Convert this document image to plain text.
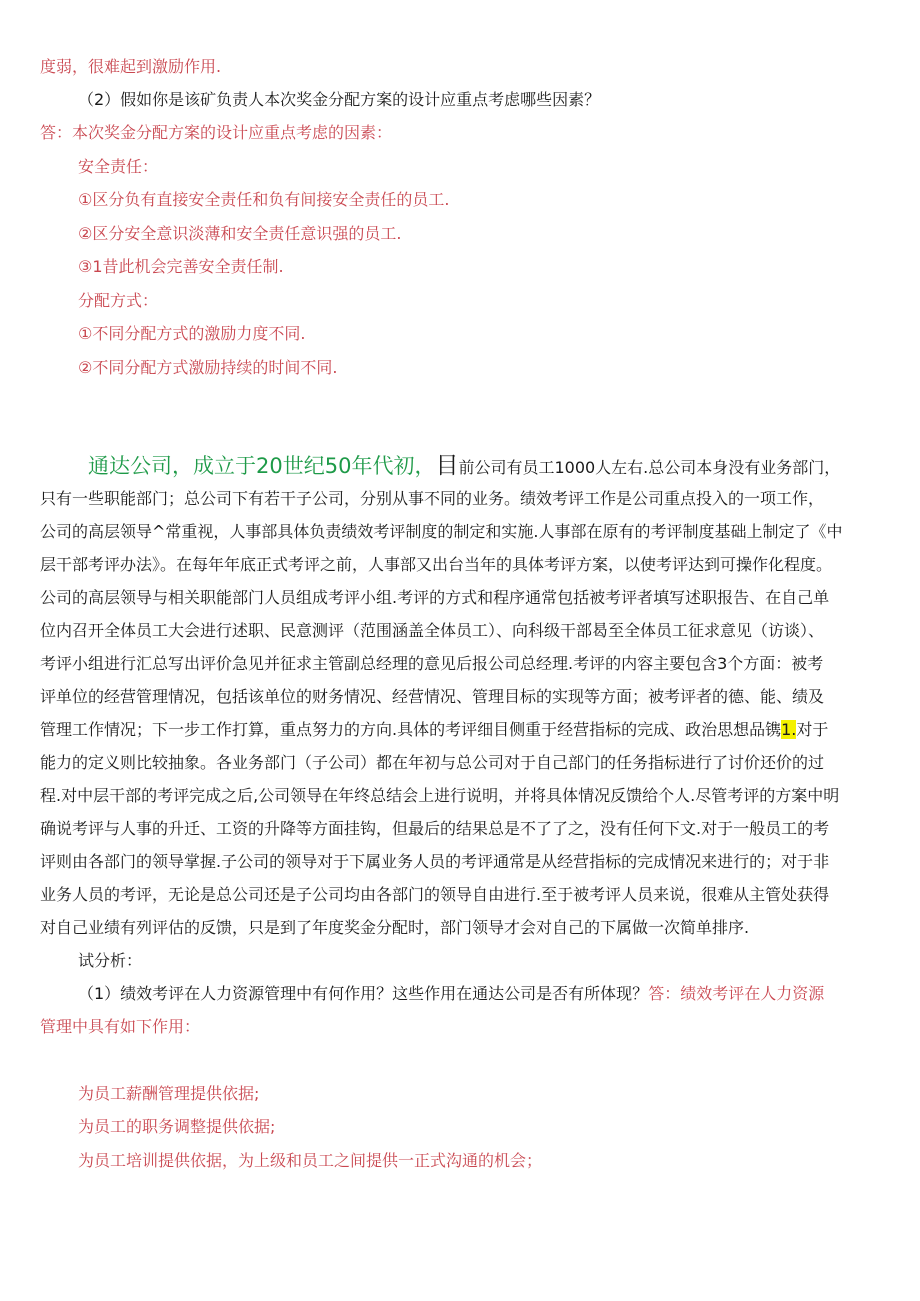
度弱，很难起到激励作用.
（2）假如你是该矿负责人本次奖金分配方案的设计应重点考虑哪些因素？
答：本次奖金分配方案的设计应重点考虑的因素：
安全责任：
①区分负有直接安全责任和负有间接安全责任的员工.
②区分安全意识淡薄和安全责任意识强的员工.
③1昔此机会完善安全责任制.
分配方式：
①不同分配方式的激励力度不同.
②不同分配方式激励持续的时间不同.
通达公司，成立于20世纪50年代初，目前公司有员工1000人左右.总公司本身没有业务部门，
只有一些职能部门；总公司下有若干子公司，分别从事不同的业务。绩效考评工作是公司重点投入的一项工作，
公司的高层领导^常重视，人事部具体负责绩效考评制度的制定和实施.人事部在原有的考评制度基础上制定了《中
层干部考评办法》。在每年年底正式考评之前，人事部又出台当年的具体考评方案，以使考评达到可操作化程度。
公司的高层领导与相关职能部门人员组成考评小组.考评的方式和程序通常包括被考评者填写述职报告、在自己单
位内召开全体员工大会进行述职、民意测评（范围涵盖全体员工）、向科级干部曷至全体员工征求意见（访谈）、
考评小组进行汇总写出评价急见并征求主管副总经理的意见后报公司总经理.考评的内容主要包含3个方面：被考
评单位的经营管理情况，包括该单位的财务情况、经营情况、管理目标的实现等方面；被考评者的德、能、绩及
管理工作情况；下一步工作打算，重点努力的方向.具体的考评细目侧重于经营指标的完成、政治思想品镌1.对于
能力的定义则比较抽象。各业务部门（子公司）都在年初与总公司对于自己部门的任务指标进行了讨价还价的过
程.对中层干部的考评完成之后,公司领导在年终总结会上进行说明，并将具体情况反馈给个人.尽管考评的方案中明
确说考评与人事的升迁、工资的升降等方面挂钩，但最后的结果总是不了了之，没有任何下文.对于一般员工的考
评则由各部门的领导掌握.子公司的领导对于下属业务人员的考评通常是从经营指标的完成情况来进行的；对于非
业务人员的考评，无论是总公司还是子公司均由各部门的领导自由进行.至于被考评人员来说，很难从主管处获得
对自己业绩有列评估的反馈，只是到了年度奖金分配时，部门领导才会对自己的下属做一次简单排序.
试分析：
（1）绩效考评在人力资源管理中有何作用？这些作用在通达公司是否有所体现？答：绩效考评在人力资源
管理中具有如下作用：
为员工薪酬管理提供依据;
为员工的职务调整提供依据;
为员工培训提供依据，为上级和员工之间提供一正式沟通的机会；
